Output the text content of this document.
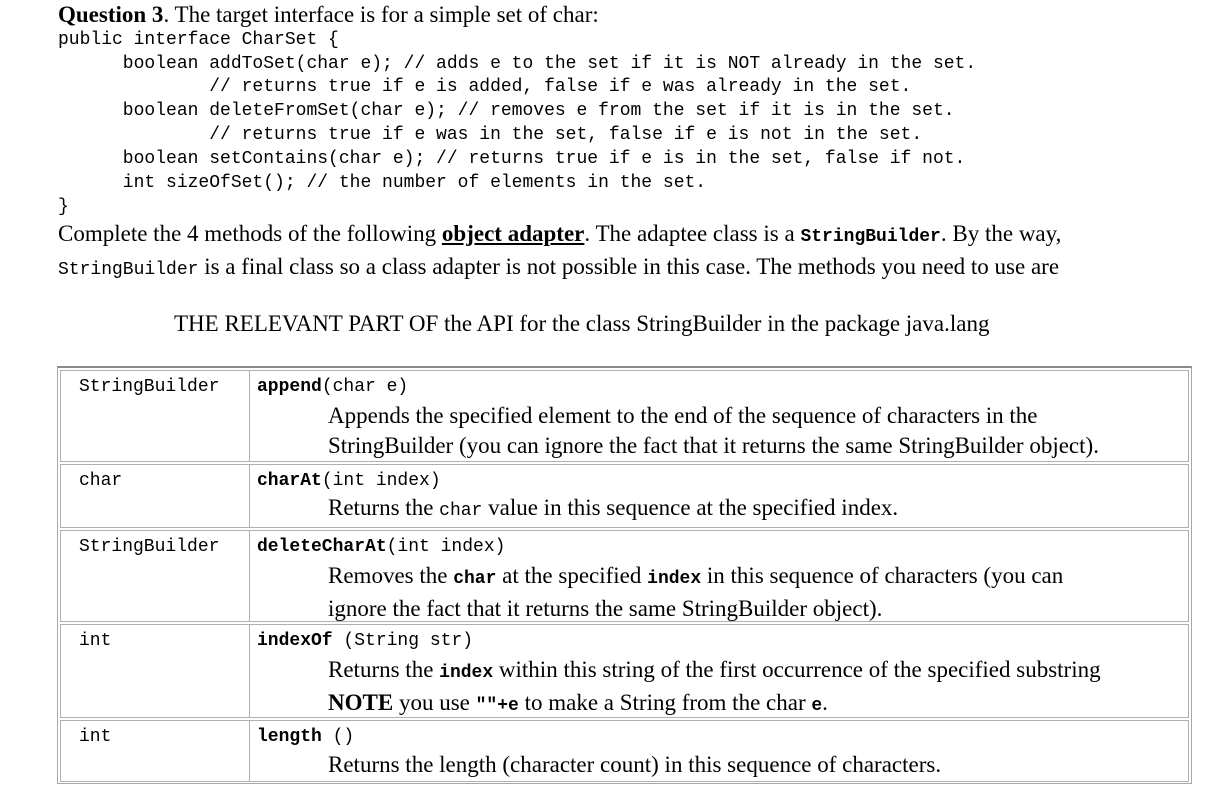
Question 3. The target interface is for a simple set of char:
public interface CharSet {
boolean addToSet(char e); // adds e to the set if it is NOT already in the set.
// returns true if e is added, false if e was already in the set.
boolean deleteFromSet(char e); // removes e from the set if it is in the set.
// returns true if e was in the set, false if e is not in the set.
boolean setContains(char e); // returns true if e is in the set, false if not.
int sizeOfSet(); // the number of elements in the set.
}
Complete the 4 methods of the following object adapter. The adaptee class is a StringBuilder. By the way,
StringBuilder is a final class so a class adapter is not possible in this case. The methods you need to use are
THE RELEVANT PART OF the API for the class StringBuilder in the package java.lang
StringBuilder append(char e)
Appends the specified element to the end of the sequence of characters in the
StringBuilder (you can ignore the fact that it returns the same StringBuilder object).
char	charAt(int index)
Returns the char value in this sequence at the specified index.
StringBuilder deleteCharAt(int index)
Removes the char at the specified index in this sequence of characters (you can
ignore the fact that it returns the same StringBuilder object).
int	indexOf (String str)
Returns the index within this string of the first occurrence of the specified substring
NOTE you use ""+e to make a String from the char e.
int	length ()
Returns the length (character count) in this sequence of characters.
